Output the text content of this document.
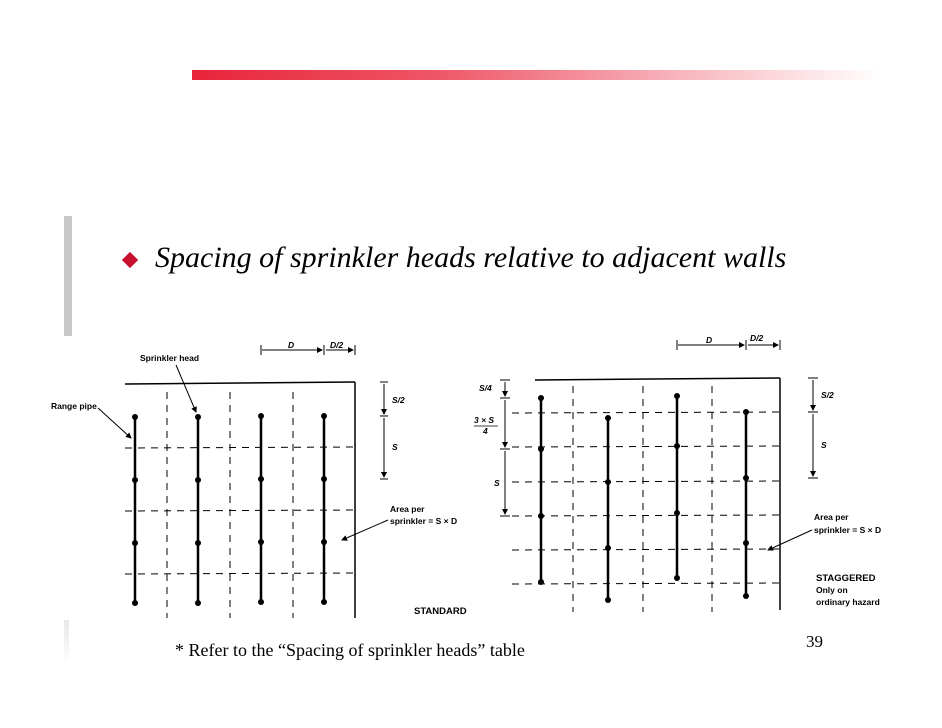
Spacing of sprinkler heads relative to adjacent walls
Sprinkler head
Range pipe
D	D/2
S/2
S
Area per
sprinkler = S × D
STANDARD
D	D/2
S/4
3 × S
4
S
S/2
S
Area per
sprinkler = S × D
STAGGERED
Only on
ordinary hazard
* Refer to the “Spacing of sprinkler heads” table	39
